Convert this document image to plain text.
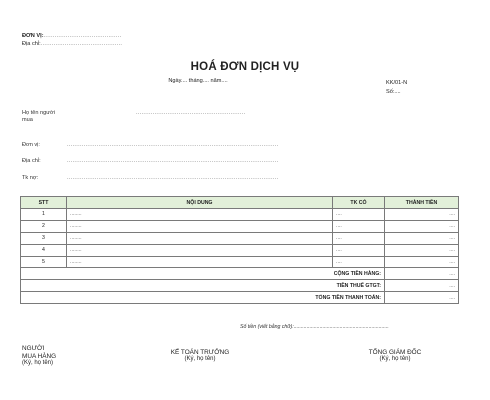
ĐƠN VỊ:..........................................
Địa chỉ:............................................
HOÁ ĐƠN DỊCH VỤ
Ngày.... tháng.... năm....	KK/01-N
Số:....
Họ tên người
mua
...........................................................
Đơn vị:	..................................................................................................................
Địa chỉ:	..................................................................................................................
Tk nợ:	..................................................................................................................
STT	NỘI DUNG	TK CÓ	THÀNH TIỀN
1	........	....	....
2	........	....	....
3	........	....	....
4	........	....	....
5	........	....	....
CỘNG TIỀN HÀNG:			....
TIỀN THUẾ GTGT:			....
TỔNG TIỀN THANH TOÁN:			....
Số tiền (viết bằng chữ):..................................................................
NGƯỜI
MUA HÀNG
(Ký, họ tên)
KẾ TOÁN TRƯỞNG
(Ký, họ tên)
TỔNG GIÁM ĐỐC
(Ký, họ tên)
